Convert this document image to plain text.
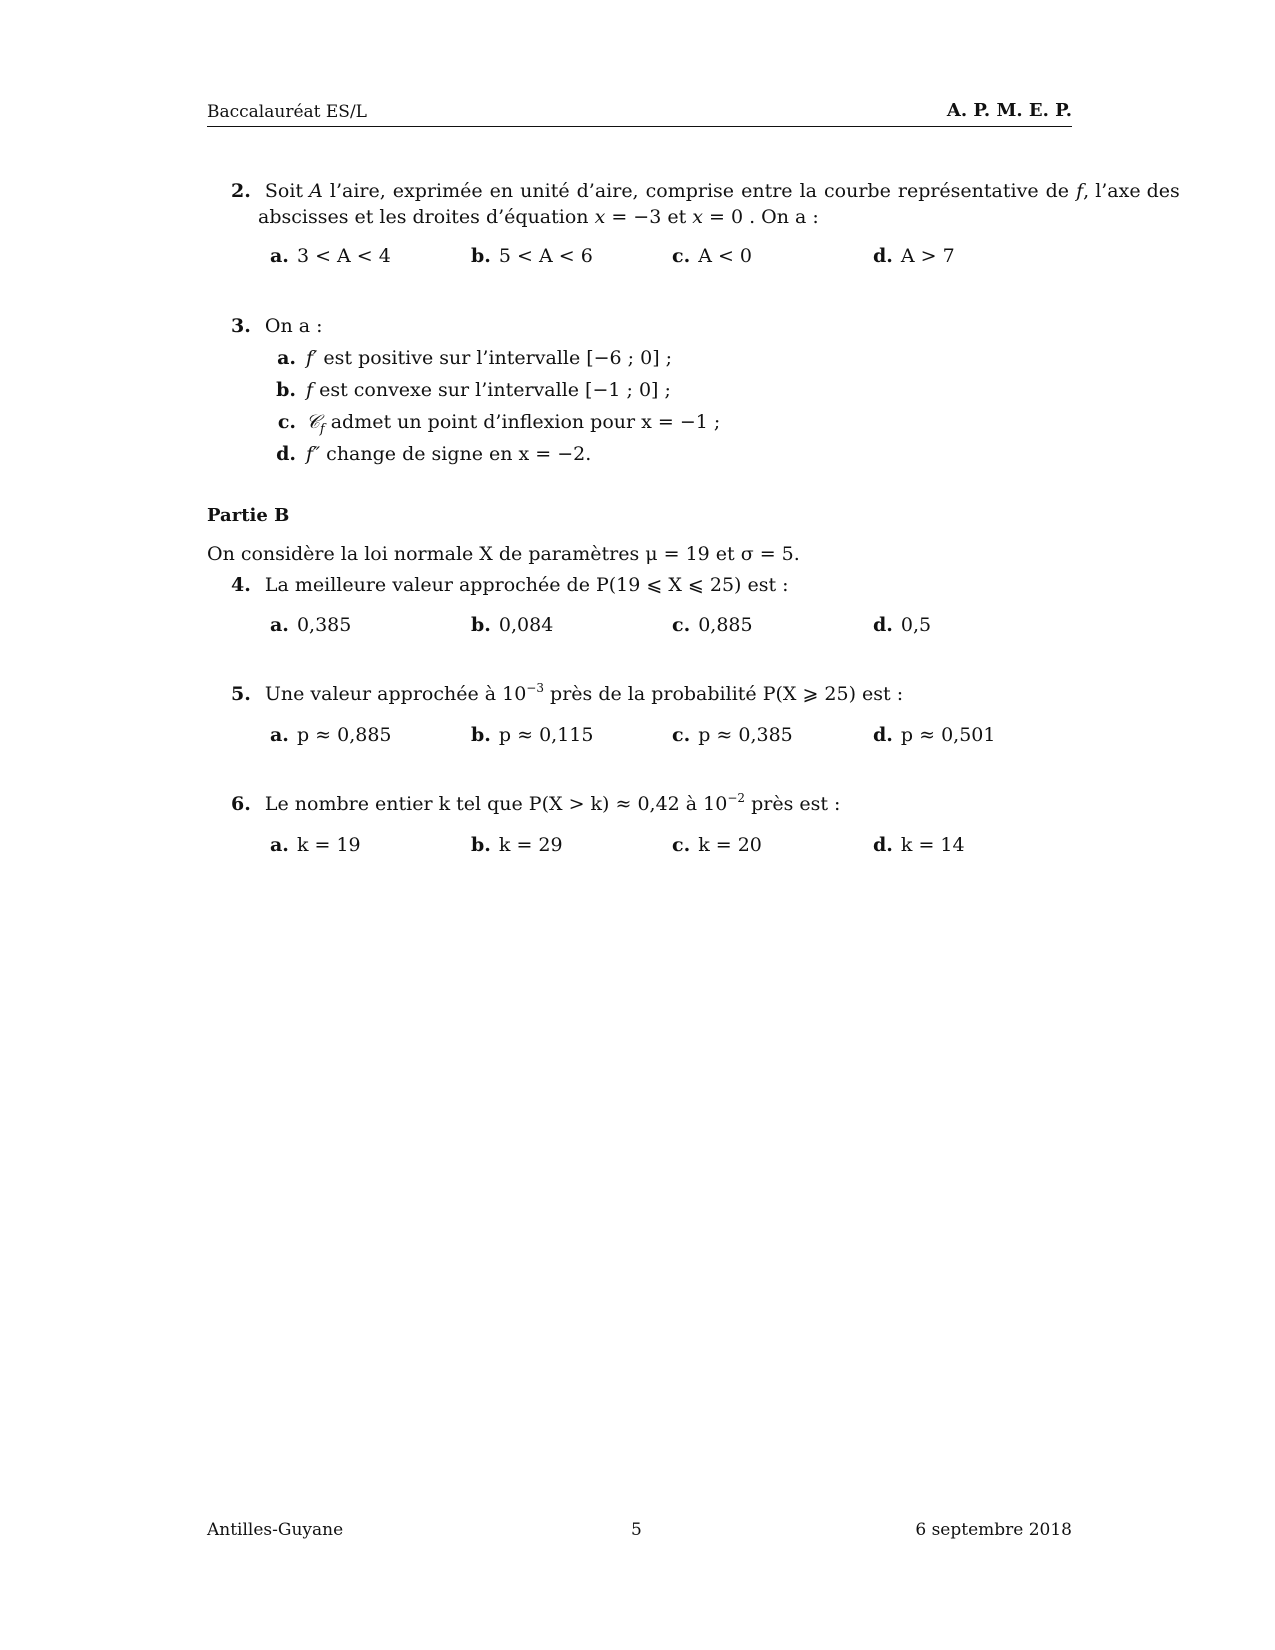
Baccalauréat ES/L	A. P. M. E. P.
2. Soit A l’aire, exprimée en unité d’aire, comprise entre la courbe représentative de f, l’axe des
abscisses et les droites d’équation x = −3 et x = 0 . On a :
a. 3 < A < 4	b. 5 < A < 6	c. A < 0	d. A > 7
3. On a :
a. f′ est positive sur l’intervalle [−6 ; 0] ;
b. f est convexe sur l’intervalle [−1 ; 0] ;
c. 𝒞$_f$ admet un point d’inflexion pour x = −1 ;
d. f″ change de signe en x = −2.
Partie B
On considère la loi normale X de paramètres μ = 19 et σ = 5.
4. La meilleure valeur approchée de P(19 ⩽ X ⩽ 25) est :
a. 0,385	b. 0,084	c. 0,885	d. 0,5
5. Une valeur approchée à $10^{-3}$ près de la probabilité P(X ⩾ 25) est :
a. p ≈ 0,885	b. p ≈ 0,115	c. p ≈ 0,385	d. p ≈ 0,501
6. Le nombre entier k tel que P(X > k) ≈ 0,42 à $10^{-2}$ près est :
a. k = 19	b. k = 29	c. k = 20	d. k = 14
Antilles-Guyane	5	6 septembre 2018
